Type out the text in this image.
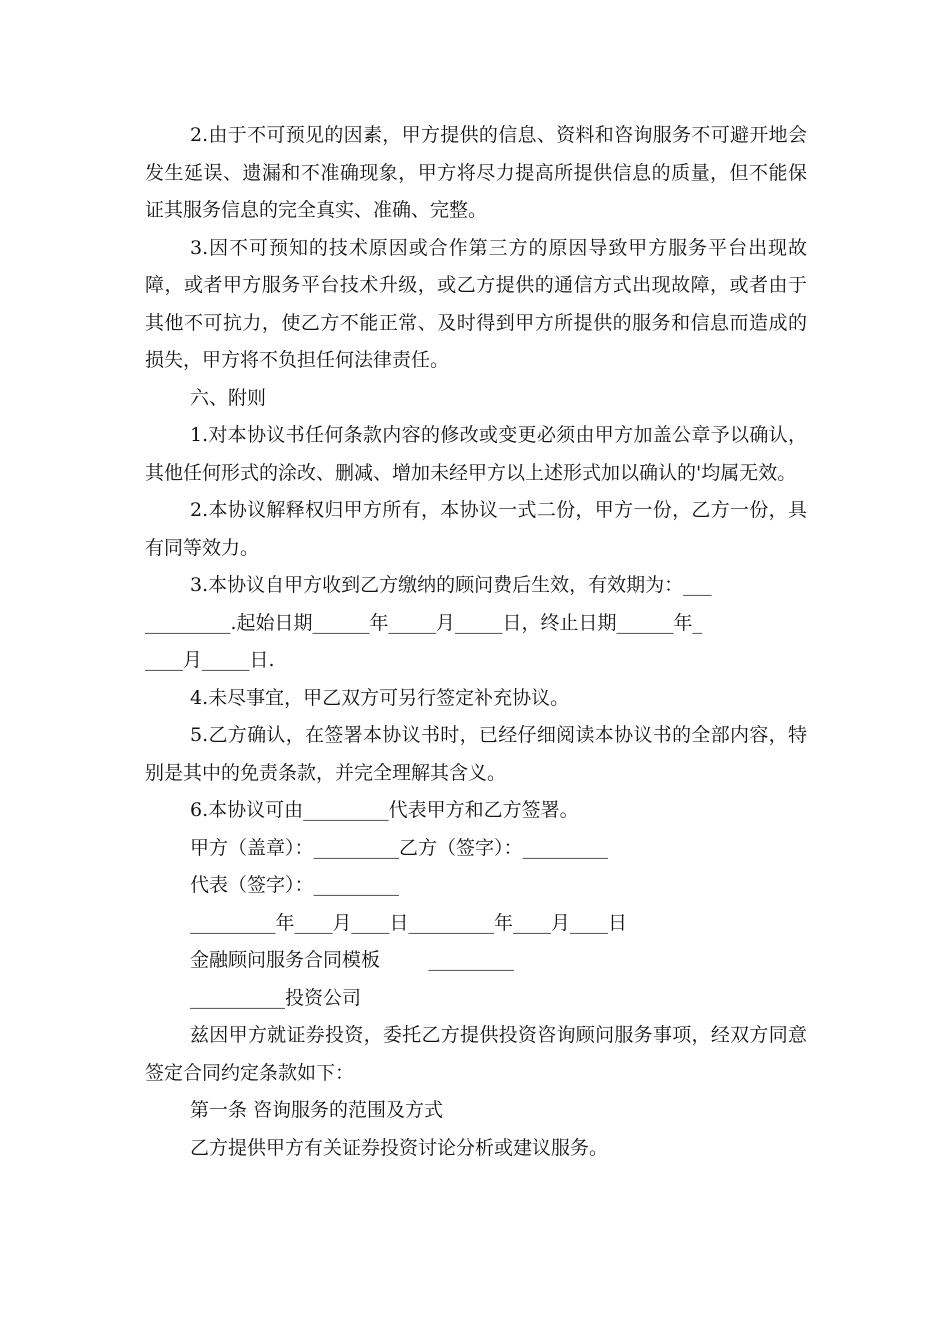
2.由于不可预见的因素，甲方提供的信息、资料和咨询服务不可避开地会发生延误、遗漏和不准确现象，甲方将尽力提高所提供信息的质量，但不能保证其服务信息的完全真实、准确、完整。

3.因不可预知的技术原因或合作第三方的原因导致甲方服务平台出现故障，或者甲方服务平台技术升级，或乙方提供的通信方式出现故障，或者由于其他不可抗力，使乙方不能正常、及时得到甲方所提供的服务和信息而造成的损失，甲方将不负担任何法律责任。

六、附则

1.对本协议书任何条款内容的修改或变更必须由甲方加盖公章予以确认，其他任何形式的涂改、删减、增加未经甲方以上述形式加以确认的'均属无效。

2.本协议解释权归甲方所有，本协议一式二份，甲方一份，乙方一份，具有同等效力。

3.本协议自甲方收到乙方缴纳的顾问费后生效，有效期为：___
_________.起始日期______年_____月_____日，终止日期______年_
____月_____日.
4.未尽事宜，甲乙双方可另行签定补充协议。

5.乙方确认，在签署本协议书时，已经仔细阅读本协议书的全部内容，特别是其中的免责条款，并完全理解其含义。

6.本协议可由_________代表甲方和乙方签署。
甲方（盖章）：_________乙方（签字）：_________
代表（签字）：_________
_________年____月____日_________年____月____日
金融顾问服务合同模板        _________
__________投资公司

兹因甲方就证券投资，委托乙方提供投资咨询顾问服务事项，经双方同意签定合同约定条款如下：

第一条 咨询服务的范围及方式
乙方提供甲方有关证券投资讨论分析或建议服务。
